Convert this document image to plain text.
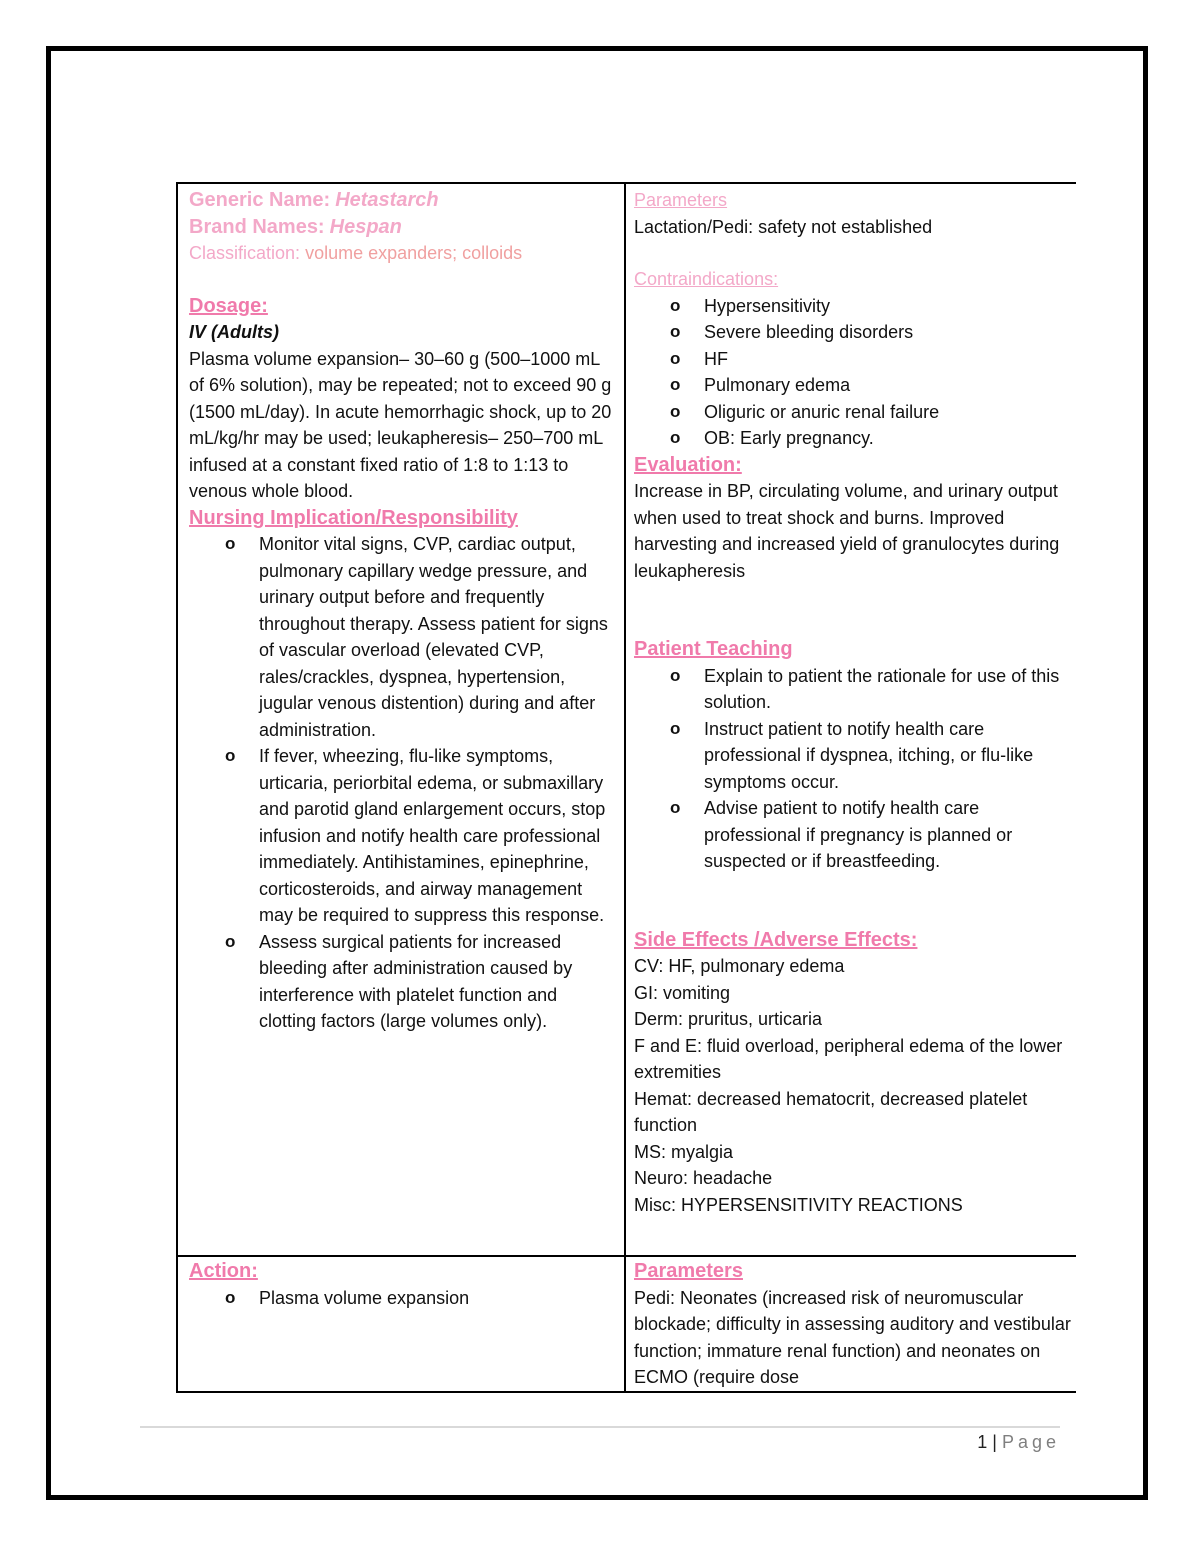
Generic Name: Hetastarch
Brand Names: Hespan
Classification: volume expanders; colloids
Dosage:
IV (Adults)
Plasma volume expansion– 30–60 g (500–1000 mL of 6% solution), may be repeated; not to exceed 90 g (1500 mL/day). In acute hemorrhagic shock, up to 20 mL/kg/hr may be used; leukapheresis– 250–700 mL infused at a constant fixed ratio of 1:8 to 1:13 to venous whole blood.
Nursing Implication/Responsibility
o Monitor vital signs, CVP, cardiac output, pulmonary capillary wedge pressure, and urinary output before and frequently throughout therapy. Assess patient for signs of vascular overload (elevated CVP, rales/crackles, dyspnea, hypertension, jugular venous distention) during and after administration.
o If fever, wheezing, flu-like symptoms, urticaria, periorbital edema, or submaxillary and parotid gland enlargement occurs, stop infusion and notify health care professional immediately. Antihistamines, epinephrine, corticosteroids, and airway management may be required to suppress this response.
o Assess surgical patients for increased bleeding after administration caused by interference with platelet function and clotting factors (large volumes only).
Parameters
Lactation/Pedi: safety not established
Contraindications:
o Hypersensitivity
o Severe bleeding disorders
o HF
o Pulmonary edema
o Oliguric or anuric renal failure
o OB: Early pregnancy.
Evaluation:
Increase in BP, circulating volume, and urinary output when used to treat shock and burns. Improved harvesting and increased yield of granulocytes during leukapheresis
Patient Teaching
o Explain to patient the rationale for use of this solution.
o Instruct patient to notify health care professional if dyspnea, itching, or flu-like symptoms occur.
o Advise patient to notify health care professional if pregnancy is planned or suspected or if breastfeeding.
Side Effects /Adverse Effects:
CV: HF, pulmonary edema
GI: vomiting
Derm: pruritus, urticaria
F and E: fluid overload, peripheral edema of the lower extremities
Hemat: decreased hematocrit, decreased platelet function
MS: myalgia
Neuro: headache
Misc: HYPERSENSITIVITY REACTIONS
Action:
o Plasma volume expansion
Parameters
Pedi: Neonates (increased risk of neuromuscular blockade; difficulty in assessing auditory and vestibular function; immature renal function) and neonates on ECMO (require dose
1 | Page
